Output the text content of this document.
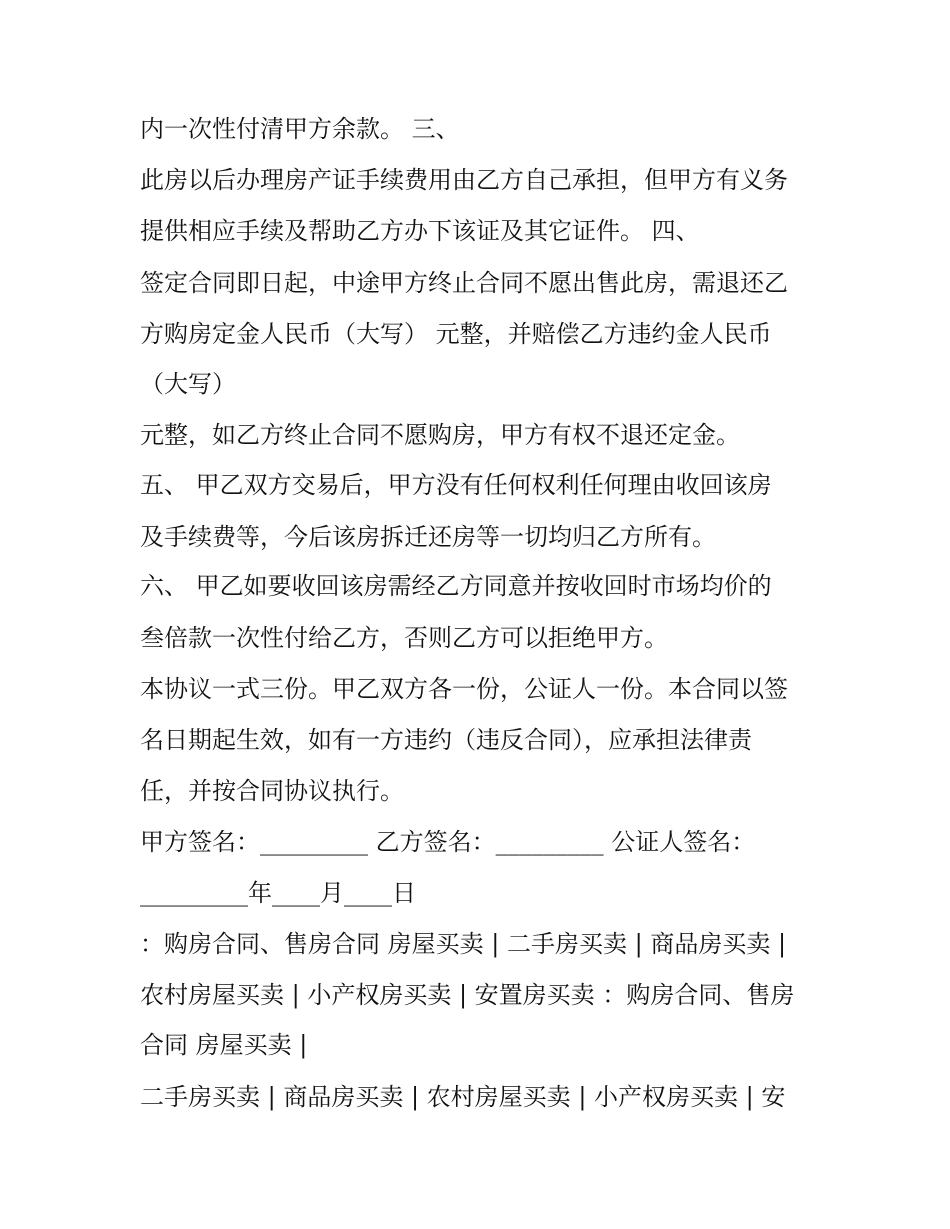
内一次性付清甲方余款。 三、
此房以后办理房产证手续费用由乙方自己承担，但甲方有义务
提供相应手续及帮助乙方办下该证及其它证件。 四、
签定合同即日起，中途甲方终止合同不愿出售此房，需退还乙
方购房定金人民币（大写） 元整，并赔偿乙方违约金人民币
（大写）
元整，如乙方终止合同不愿购房，甲方有权不退还定金。
五、 甲乙双方交易后，甲方没有任何权利任何理由收回该房
及手续费等，今后该房拆迁还房等一切均归乙方所有。
六、 甲乙如要收回该房需经乙方同意并按收回时市场均价的
叁倍款一次性付给乙方，否则乙方可以拒绝甲方。
本协议一式三份。甲乙双方各一份，公证人一份。本合同以签
名日期起生效，如有一方违约（违反合同），应承担法律责
任，并按合同协议执行。
甲方签名：_________ 乙方签名：_________ 公证人签名：
_________年____月____日
：购房合同、售房合同 房屋买卖 | 二手房买卖 | 商品房买卖 |
农村房屋买卖 | 小产权房买卖 | 安置房买卖 ：购房合同、售房
合同 房屋买卖 |
二手房买卖 | 商品房买卖 | 农村房屋买卖 | 小产权房买卖 | 安
